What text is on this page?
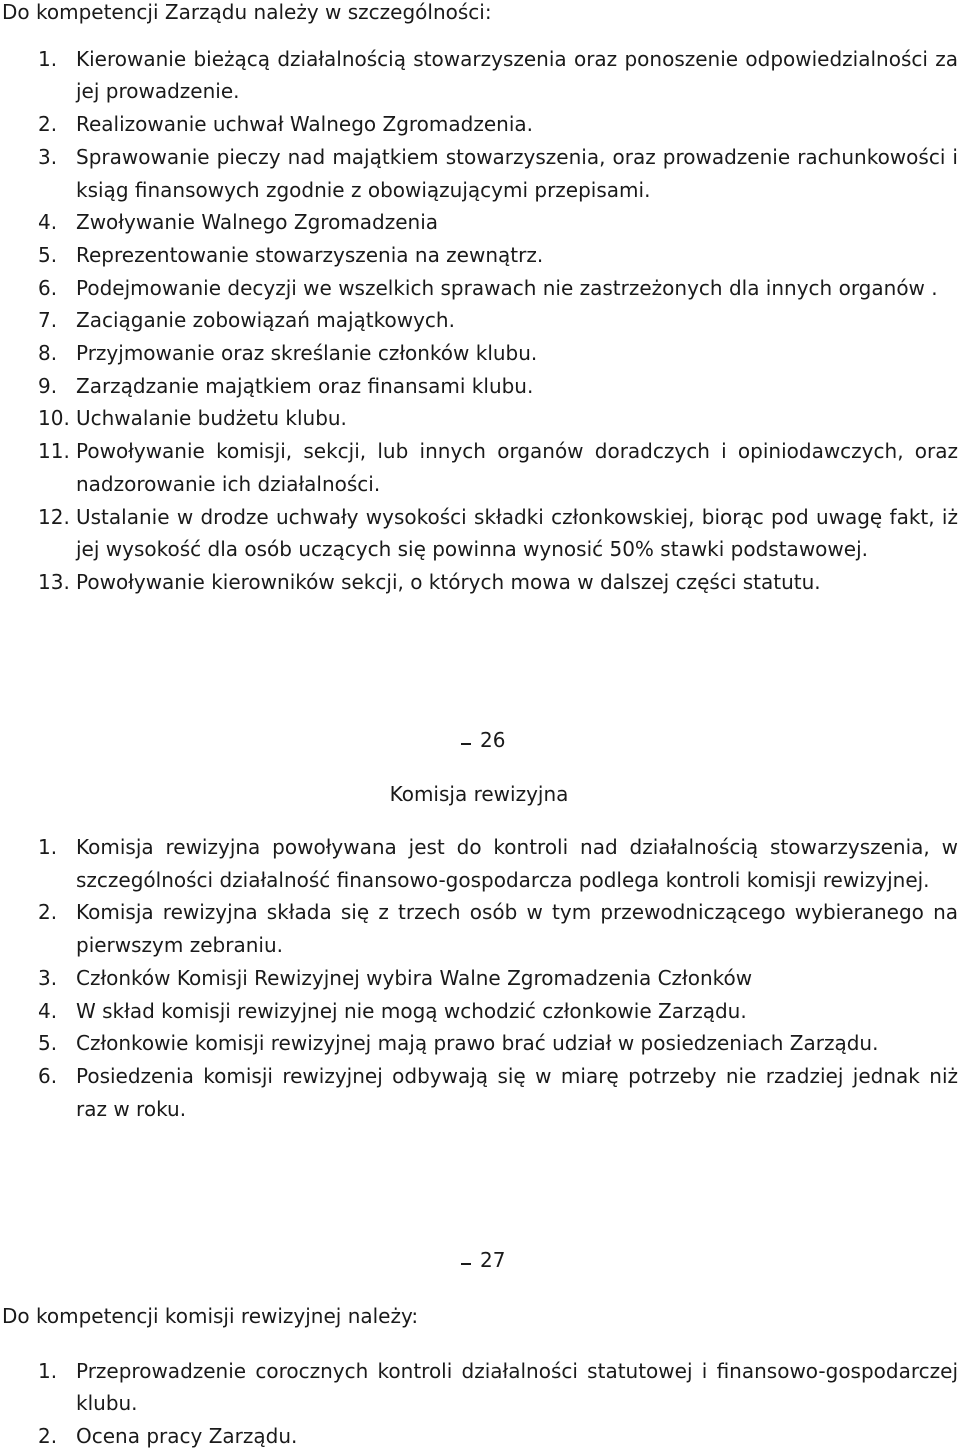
Do kompetencji Zarządu należy w szczególności:

1. Kierowanie bieżącą działalnością stowarzyszenia oraz ponoszenie odpowiedzialności za jej prowadzenie.
2. Realizowanie uchwał Walnego Zgromadzenia.
3. Sprawowanie pieczy nad majątkiem stowarzyszenia, oraz prowadzenie rachunkowości i ksiąg finansowych zgodnie z obowiązującymi przepisami.
4. Zwoływanie Walnego Zgromadzenia
5. Reprezentowanie stowarzyszenia na zewnątrz.
6. Podejmowanie decyzji we wszelkich sprawach nie zastrzeżonych dla innych organów .
7. Zaciąganie zobowiązań majątkowych.
8. Przyjmowanie oraz skreślanie członków klubu.
9. Zarządzanie majątkiem oraz finansami klubu.
10. Uchwalanie budżetu klubu.
11. Powoływanie komisji, sekcji, lub innych organów doradczych i opiniodawczych, oraz nadzorowanie ich działalności.
12. Ustalanie w drodze uchwały wysokości składki członkowskiej, biorąc pod uwagę fakt, iż jej wysokość dla osób uczących się powinna wynosić 50% stawki podstawowej.
13. Powoływanie kierowników sekcji, o których mowa w dalszej części statutu.
26
Komisja rewizyjna
1. Komisja rewizyjna powoływana jest do kontroli nad działalnością stowarzyszenia, w szczególności działalność finansowo-gospodarcza podlega kontroli komisji rewizyjnej.
2. Komisja rewizyjna składa się z trzech osób w tym przewodniczącego wybieranego na pierwszym zebraniu.
3. Członków Komisji Rewizyjnej wybira Walne Zgromadzenia Członków
4. W skład komisji rewizyjnej nie mogą wchodzić członkowie Zarządu.
5. Członkowie komisji rewizyjnej mają prawo brać udział w posiedzeniach Zarządu.
6. Posiedzenia komisji rewizyjnej odbywają się w miarę potrzeby nie rzadziej jednak niż raz w roku.
27

Do kompetencji komisji rewizyjnej należy:

1. Przeprowadzenie corocznych kontroli działalności statutowej i finansowo-gospodarczej klubu.
2. Ocena pracy Zarządu.
